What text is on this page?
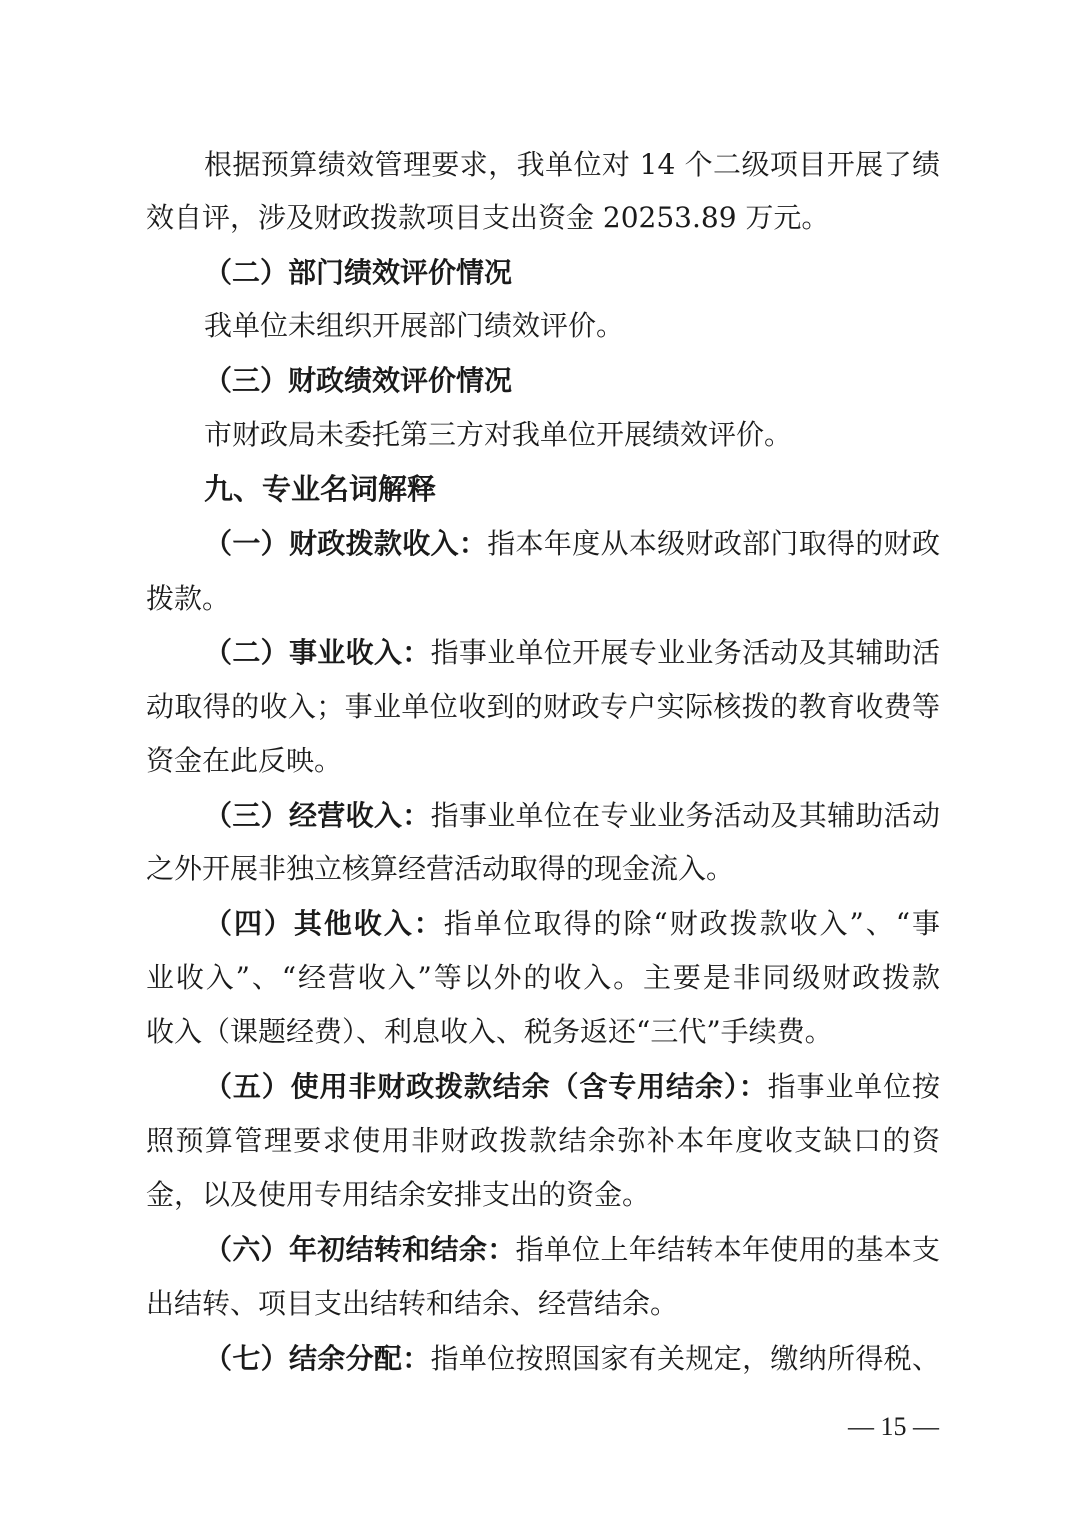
根据预算绩效管理要求，我单位对 14 个二级项目开展了绩
效自评，涉及财政拨款项目支出资金 20253.89 万元。
（二）部门绩效评价情况
我单位未组织开展部门绩效评价。
（三）财政绩效评价情况
市财政局未委托第三方对我单位开展绩效评价。
九、专业名词解释
（一）财政拨款收入：指本年度从本级财政部门取得的财政
拨款。
（二）事业收入：指事业单位开展专业业务活动及其辅助活
动取得的收入；事业单位收到的财政专户实际核拨的教育收费等
资金在此反映。
（三）经营收入：指事业单位在专业业务活动及其辅助活动
之外开展非独立核算经营活动取得的现金流入。
（四）其他收入：指单位取得的除“财政拨款收入”、“事
业收入”、“经营收入”等以外的收入。主要是非同级财政拨款
收入（课题经费）、利息收入、税务返还“三代”手续费。
（五）使用非财政拨款结余（含专用结余）：指事业单位按
照预算管理要求使用非财政拨款结余弥补本年度收支缺口的资
金，以及使用专用结余安排支出的资金。
（六）年初结转和结余：指单位上年结转本年使用的基本支
出结转、项目支出结转和结余、经营结余。
（七）结余分配：指单位按照国家有关规定，缴纳所得税、
— 15 —
